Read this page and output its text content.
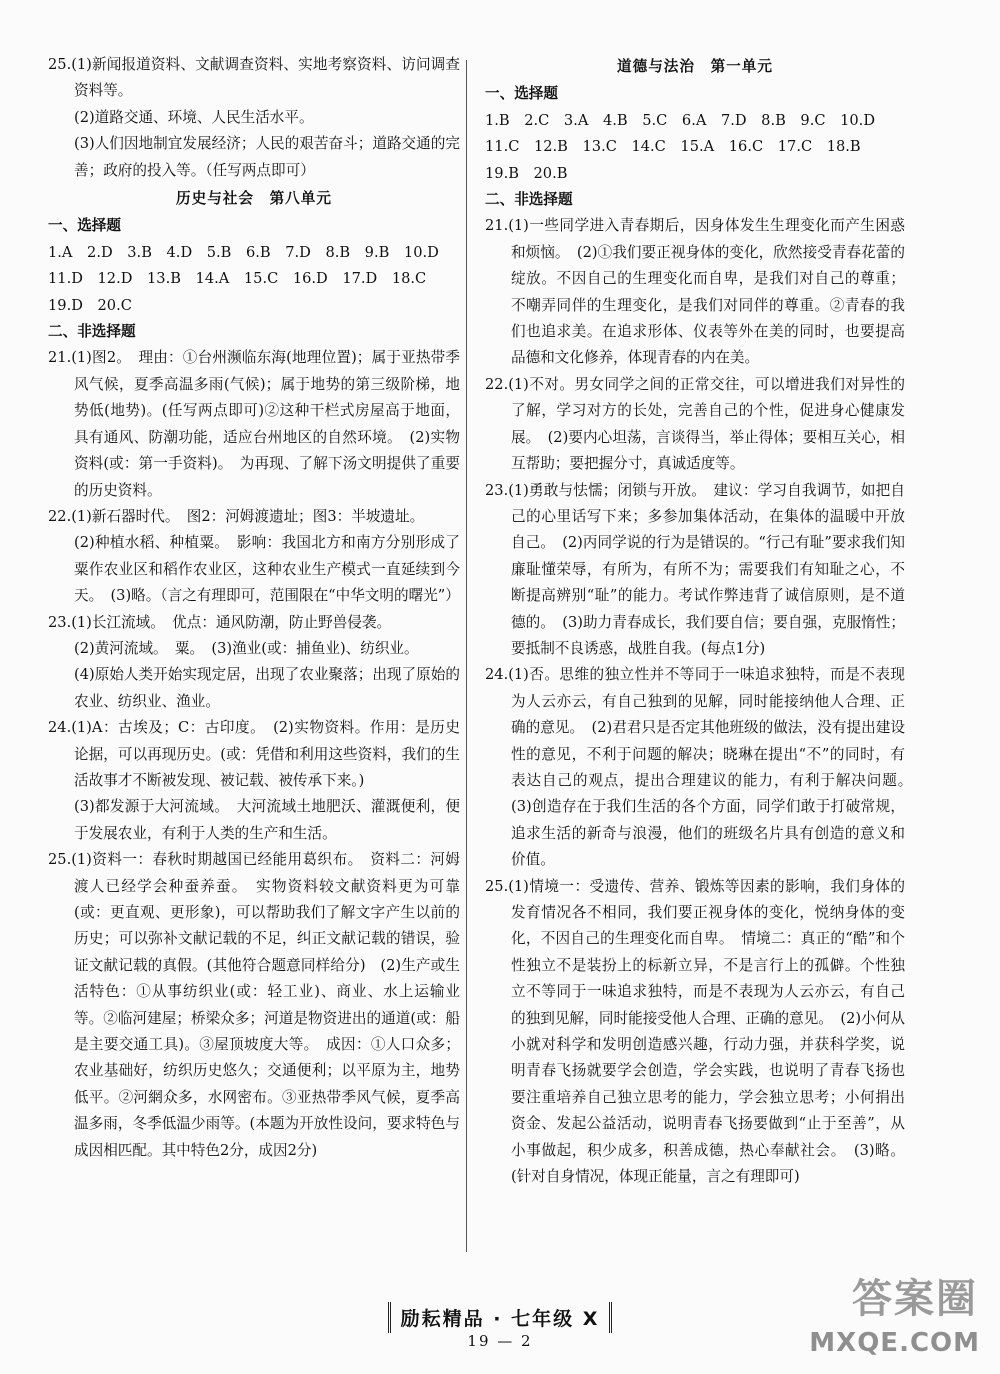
25.(1)新闻报道资料、文献调查资料、实地考察资料、访问调查资料等。

(2)道路交通、环境、人民生活水平。

(3)人们因地制宜发展经济；人民的艰苦奋斗；道路交通的完善；政府的投入等。（任写两点即可）

历史与社会　第八单元

一、选择题

1.A　2.D　3.B　4.D　5.B　6.B　7.D　8.B　9.B　10.D

11.D　12.D　13.B　14.A　15.C　16.D　17.D　18.C

19.D　20.C

二、非选择题

21.(1)图2。　理由：①台州濒临东海(地理位置)；属于亚热带季风气候，夏季高温多雨(气候)；属于地势的第三级阶梯，地势低(地势)。(任写两点即可)②这种干栏式房屋高于地面，具有通风、防潮功能，适应台州地区的自然环境。　(2)实物资料(或：第一手资料)。　为再现、了解下汤文明提供了重要的历史资料。

22.(1)新石器时代。　图2：河姆渡遗址；图3：半坡遗址。

(2)种植水稻、种植粟。　影响：我国北方和南方分别形成了粟作农业区和稻作农业区，这种农业生产模式一直延续到今天。　(3)略。（言之有理即可，范围限在“中华文明的曙光”）

23.(1)长江流域。　优点：通风防潮，防止野兽侵袭。

(2)黄河流域。　粟。　(3)渔业(或：捕鱼业)、纺织业。

(4)原始人类开始实现定居，出现了农业聚落；出现了原始的农业、纺织业、渔业。

24.(1)A：古埃及；C：古印度。　(2)实物资料。作用：是历史论据，可以再现历史。(或：凭借和利用这些资料，我们的生活故事才不断被发现、被记载、被传承下来。)

(3)都发源于大河流域。　大河流域土地肥沃、灌溉便利，便于发展农业，有利于人类的生产和生活。

25.(1)资料一：春秋时期越国已经能用葛织布。　资料二：河姆渡人已经学会种蚕养蚕。　实物资料较文献资料更为可靠(或：更直观、更形象)，可以帮助我们了解文字产生以前的历史；可以弥补文献记载的不足，纠正文献记载的错误，验证文献记载的真假。(其他符合题意同样给分)　(2)生产或生活特色：①从事纺织业(或：轻工业)、商业、水上运输业等。②临河建屋；桥梁众多；河道是物资进出的通道(或：船是主要交通工具)。③屋顶坡度大等。　成因：①人口众多；农业基础好，纺织历史悠久；交通便利；以平原为主，地势低平。②河網众多，水网密布。③亚热带季风气候，夏季高温多雨，冬季低温少雨等。(本题为开放性设问，要求特色与成因相匹配。其中特色2分，成因2分)

道德与法治　第一单元

一、选择题

1.B　2.C　3.A　4.B　5.C　6.A　7.D　8.B　9.C　10.D

11.C　12.B　13.C　14.C　15.A　16.C　17.C　18.B

19.B　20.B

二、非选择题

21.(1)一些同学进入青春期后，因身体发生生理变化而产生困惑和烦恼。　(2)①我们要正视身体的变化，欣然接受青春花蕾的绽放。不因自己的生理变化而自卑，是我们对自己的尊重；不嘲弄同伴的生理变化，是我们对同伴的尊重。②青春的我们也追求美。在追求形体、仪表等外在美的同时，也要提高品德和文化修养，体现青春的内在美。

22.(1)不对。男女同学之间的正常交往，可以增进我们对异性的了解，学习对方的长处，完善自己的个性，促进身心健康发展。　(2)要内心坦荡，言谈得当，举止得体；要相互关心，相互帮助；要把握分寸，真诚适度等。

23.(1)勇敢与怯懦；闭锁与开放。　建议：学习自我调节，如把自己的心里话写下来；多参加集体活动，在集体的温暖中开放自己。　(2)丙同学说的行为是错误的。“行己有耻”要求我们知廉耻懂荣辱，有所为，有所不为；需要我们有知耻之心，不断提高辨别“耻”的能力。考试作弊违背了诚信原则，是不道德的。　(3)助力青春成长，我们要自信；要自强，克服惰性；要抵制不良诱惑，战胜自我。(每点1分)

24.(1)否。思维的独立性并不等同于一味追求独特，而是不表现为人云亦云，有自己独到的见解，同时能接纳他人合理、正确的意见。　(2)君君只是否定其他班级的做法，没有提出建设性的意见，不利于问题的解决；晓琳在提出“不”的同时，有表达自己的观点，提出合理建议的能力，有利于解决问题。　(3)创造存在于我们生活的各个方面，同学们敢于打破常规，追求生活的新奇与浪漫，他们的班级名片具有创造的意义和价值。

25.(1)情境一：受遗传、营养、锻炼等因素的影响，我们身体的发育情况各不相同，我们要正视身体的变化，悦纳身体的变化，不因自己的生理变化而自卑。　情境二：真正的“酷”和个性独立不是装扮上的标新立异，不是言行上的孤僻。个性独立不等同于一味追求独特，而是不表现为人云亦云，有自己的独到见解，同时能接受他人合理、正确的意见。　(2)小何从小就对科学和发明创造感兴趣，行动力强，并获科学奖，说明青春飞扬就要学会创造，学会实践，也说明了青春飞扬也要注重培养自己独立思考的能力，学会独立思考；小何捐出资金、发起公益活动，说明青春飞扬要做到“止于至善”，从小事做起，积少成多，积善成德，热心奉献社会。　(3)略。(针对自身情况，体现正能量，言之有理即可)

励耘精品 · 七年级 X
19 — 2
答案圈
MXQE.COM
